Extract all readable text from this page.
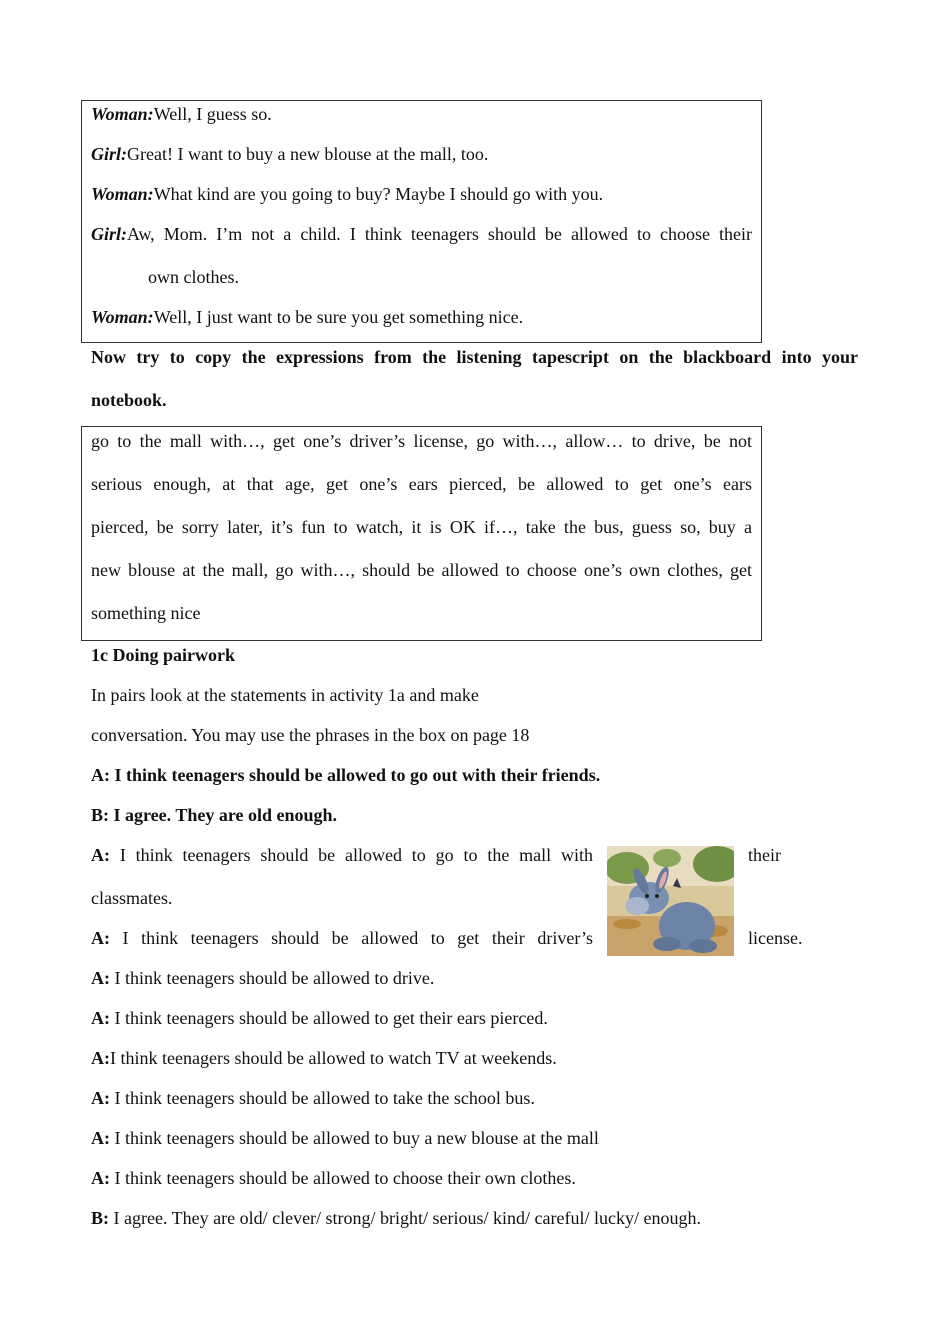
Woman:Well, I guess so.
Girl:Great! I want to buy a new blouse at the mall, too.
Woman:What kind are you going to buy? Maybe I should go with you.
Girl:Aw, Mom. I’m not a child. I think teenagers should be allowed to choose their
own clothes.
Woman:Well, I just want to be sure you get something nice.
Now try to copy the expressions from the listening tapescript on the blackboard into your
notebook.
go to the mall with…, get one’s driver’s license, go with…, allow… to drive, be not
serious enough, at that age, get one’s ears pierced, be allowed to get one’s ears
pierced, be sorry later, it’s fun to watch, it is OK if…, take the bus, guess so, buy a
new blouse at the mall, go with…, should be allowed to choose one’s own clothes, get
something nice
1c Doing pairwork
In pairs look at the statements in activity 1a and make
conversation. You may use the phrases in the box on page 18
A: I think teenagers should be allowed to go out with their friends.
B: I agree. They are old enough.
A: I think teenagers should be allowed to go to the mall with	their
classmates.
A: I think teenagers should be allowed to get their driver’s	license.
A: I think teenagers should be allowed to drive.
A: I think teenagers should be allowed to get their ears pierced.
A:I think teenagers should be allowed to watch TV at weekends.
A: I think teenagers should be allowed to take the school bus.
A: I think teenagers should be allowed to buy a new blouse at the mall
A: I think teenagers should be allowed to choose their own clothes.
B: I agree. They are old/ clever/ strong/ bright/ serious/ kind/ careful/ lucky/ enough.
